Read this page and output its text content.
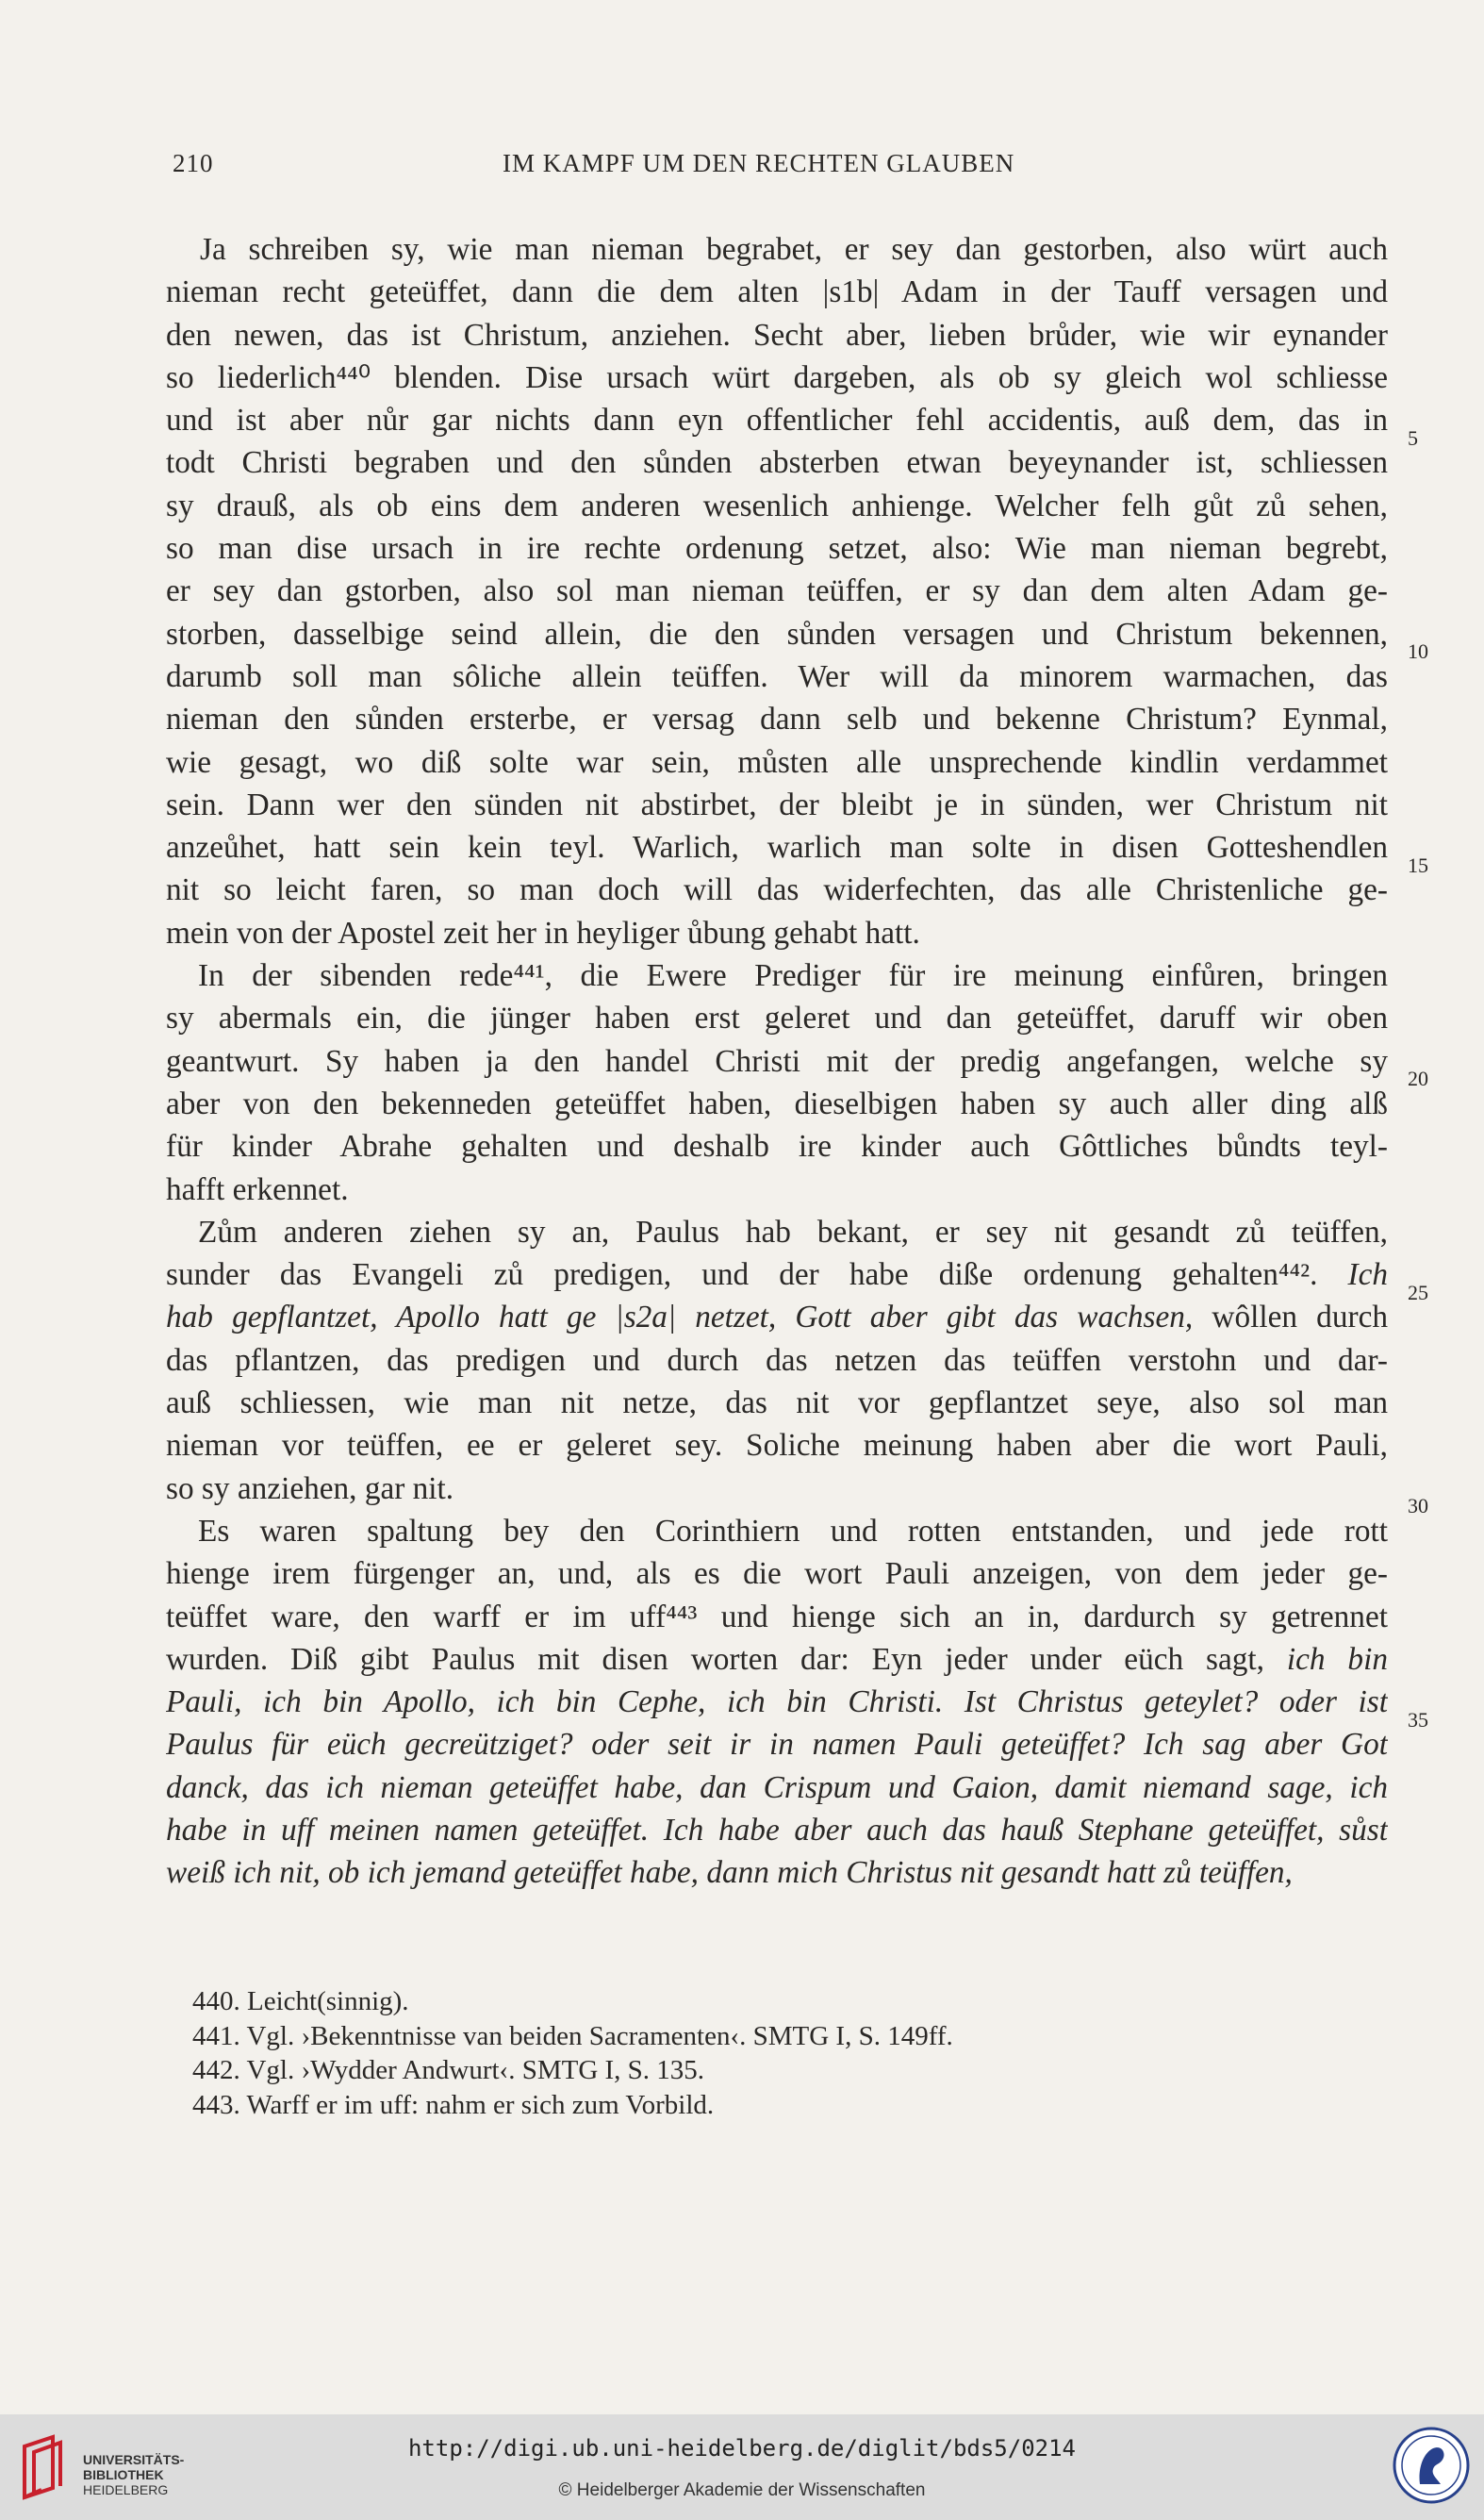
210	IM KAMPF UM DEN RECHTEN GLAUBEN
Ja schreiben sy, wie man nieman begrabet, er sey dan gestorben, also würt auch
nieman recht geteüffet, dann die dem alten |s1b| Adam in der Tauff versagen und
den newen, das ist Christum, anziehen. Secht aber, lieben brůder, wie wir eynander
so liederlich⁴⁴⁰ blenden. Dise ursach würt dargeben, als ob sy gleich wol schliesse
und ist aber nůr gar nichts dann eyn offentlicher fehl accidentis, auß dem, das in
todt Christi begraben und den sůnden absterben etwan beyeynander ist, schliessen
sy drauß, als ob eins dem anderen wesenlich anhienge. Welcher felh gůt zů sehen,
so man dise ursach in ire rechte ordenung setzet, also: Wie man nieman begrebt,
er sey dan gstorben, also sol man nieman teüffen, er sy dan dem alten Adam ge-
storben, dasselbige seind allein, die den sůnden versagen und Christum bekennen,
darumb soll man sôliche allein teüffen. Wer will da minorem warmachen, das
nieman den sůnden ersterbe, er versag dann selb und bekenne Christum? Eynmal,
wie gesagt, wo diß solte war sein, můsten alle unsprechende kindlin verdammet
sein. Dann wer den sünden nit abstirbet, der bleibt je in sünden, wer Christum nit
anzeůhet, hatt sein kein teyl. Warlich, warlich man solte in disen Gotteshendlen
nit so leicht faren, so man doch will das widerfechten, das alle Christenliche ge-
mein von der Apostel zeit her in heyliger ůbung gehabt hatt.
In der sibenden rede⁴⁴¹, die Ewere Prediger für ire meinung einfůren, bringen
sy abermals ein, die jünger haben erst geleret und dan geteüffet, daruff wir oben
geantwurt. Sy haben ja den handel Christi mit der predig angefangen, welche sy
aber von den bekenneden geteüffet haben, dieselbigen haben sy auch aller ding alß
für kinder Abrahe gehalten und deshalb ire kinder auch Gôttliches bůndts teyl-
hafft erkennet.
Zům anderen ziehen sy an, Paulus hab bekant, er sey nit gesandt zů teüffen,
sunder das Evangeli zů predigen, und der habe diße ordenung gehalten⁴⁴². Ich
hab gepflantzet, Apollo hatt ge |s2a| netzet, Gott aber gibt das wachsen, wôllen durch
das pflantzen, das predigen und durch das netzen das teüffen verstohn und dar-
auß schliessen, wie man nit netze, das nit vor gepflantzet seye, also sol man
nieman vor teüffen, ee er geleret sey. Soliche meinung haben aber die wort Pauli,
so sy anziehen, gar nit.
Es waren spaltung bey den Corinthiern und rotten entstanden, und jede rott
hienge irem fürgenger an, und, als es die wort Pauli anzeigen, von dem jeder ge-
teüffet ware, den warff er im uff⁴⁴³ und hienge sich an in, dardurch sy getrennet
wurden. Diß gibt Paulus mit disen worten dar: Eyn jeder under eüch sagt, ich bin
Pauli, ich bin Apollo, ich bin Cephe, ich bin Christi. Ist Christus geteylet? oder ist
Paulus für eüch gecreütziget? oder seit ir in namen Pauli geteüffet? Ich sag aber Got
danck, das ich nieman geteüffet habe, dan Crispum und Gaion, damit niemand sage, ich
habe in uff meinen namen geteüffet. Ich habe aber auch das hauß Stephane geteüffet, sůst
weiß ich nit, ob ich jemand geteüffet habe, dann mich Christus nit gesandt hatt zů teüffen,
5
10
15
20
25
30
35
440. Leicht(sinnig).
441. Vgl. ›Bekenntnisse van beiden Sacramenten‹. SMTG I, S. 149ff.
442. Vgl. ›Wydder Andwurt‹. SMTG I, S. 135.
443. Warff er im uff: nahm er sich zum Vorbild.
UNIVERSITÄTS-
BIBLIOTHEK
HEIDELBERG
http://digi.ub.uni-heidelberg.de/diglit/bds5/0214
© Heidelberger Akademie der Wissenschaften
